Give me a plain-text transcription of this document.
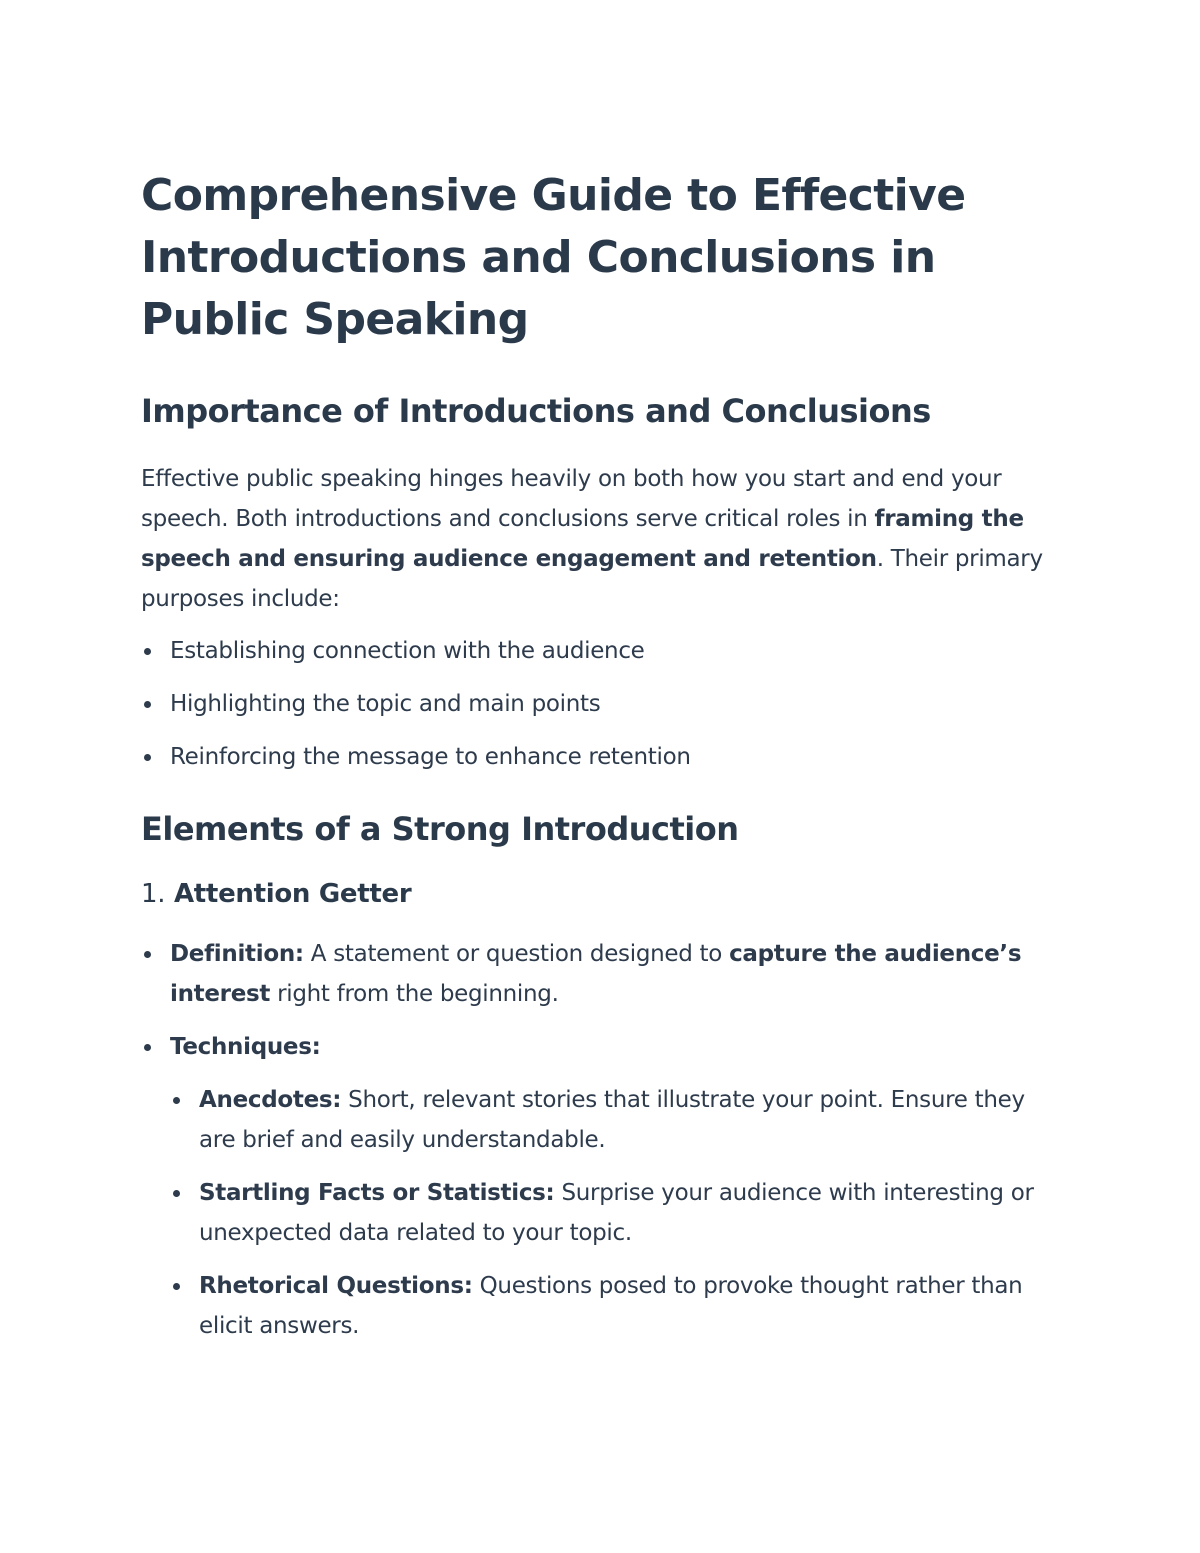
Comprehensive Guide to Effective Introductions and Conclusions in Public Speaking
Importance of Introductions and Conclusions

Effective public speaking hinges heavily on both how you start and end your speech. Both introductions and conclusions serve critical roles in framing the speech and ensuring audience engagement and retention. Their primary purposes include:

Establishing connection with the audience
Highlighting the topic and main points
Reinforcing the message to enhance retention
Elements of a Strong Introduction
1. Attention Getter
Definition: A statement or question designed to capture the audience’s interest right from the beginning.
Techniques:
Anecdotes: Short, relevant stories that illustrate your point. Ensure they are brief and easily understandable.
Startling Facts or Statistics: Surprise your audience with interesting or unexpected data related to your topic.
Rhetorical Questions: Questions posed to provoke thought rather than elicit answers.
